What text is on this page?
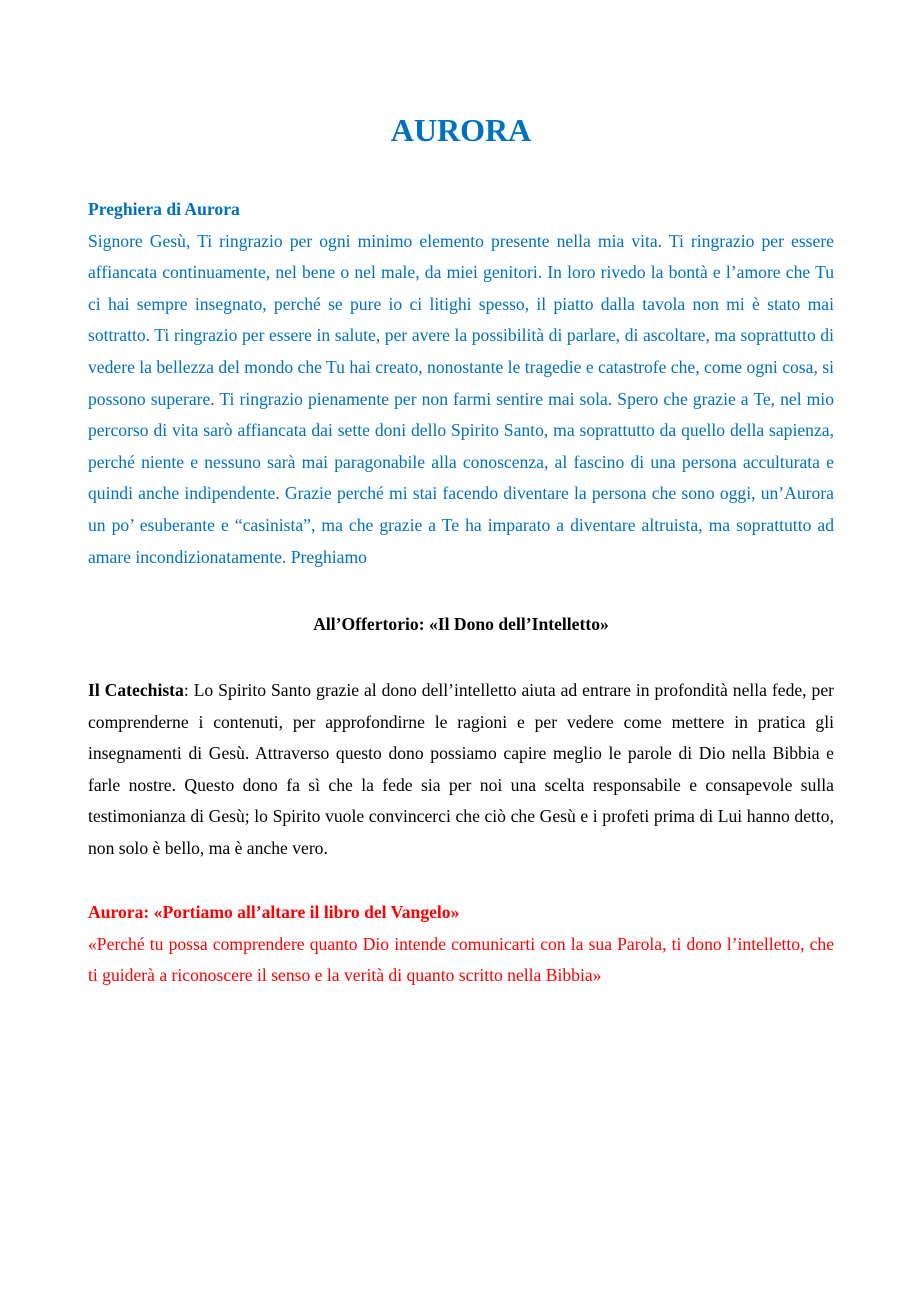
AURORA
Preghiera di Aurora
Signore Gesù, Ti ringrazio per ogni minimo elemento presente nella mia vita. Ti ringrazio per essere affiancata continuamente, nel bene o nel male, da miei genitori. In loro rivedo la bontà e l’amore che Tu ci hai sempre insegnato, perché se pure io ci litighi spesso, il piatto dalla tavola non mi è stato mai sottratto. Ti ringrazio per essere in salute, per avere la possibilità di parlare, di ascoltare, ma soprattutto di vedere la bellezza del mondo che Tu hai creato, nonostante le tragedie e catastrofe che, come ogni cosa, si possono superare. Ti ringrazio pienamente per non farmi sentire mai sola. Spero che grazie a Te, nel mio percorso di vita sarò affiancata dai sette doni dello Spirito Santo, ma soprattutto da quello della sapienza, perché niente e nessuno sarà mai paragonabile alla conoscenza, al fascino di una persona acculturata e quindi anche indipendente. Grazie perché mi stai facendo diventare la persona che sono oggi, un’Aurora un po’ esuberante e “casinista”, ma che grazie a Te ha imparato a diventare altruista, ma soprattutto ad amare incondizionatamente. Preghiamo
All’Offertorio: «Il Dono dell’Intelletto»
Il Catechista: Lo Spirito Santo grazie al dono dell’intelletto aiuta ad entrare in profondità nella fede, per comprenderne i contenuti, per approfondirne le ragioni e per vedere come mettere in pratica gli insegnamenti di Gesù. Attraverso questo dono possiamo capire meglio le parole di Dio nella Bibbia e farle nostre. Questo dono fa sì che la fede sia per noi una scelta responsabile e consapevole sulla testimonianza di Gesù; lo Spirito vuole convincerci che ciò che Gesù e i profeti prima di Lui hanno detto, non solo è bello, ma è anche vero.
Aurora: «Portiamo all’altare il libro del Vangelo»
«Perché tu possa comprendere quanto Dio intende comunicarti con la sua Parola, ti dono l’intelletto, che ti guiderà a riconoscere il senso e la verità di quanto scritto nella Bibbia»
